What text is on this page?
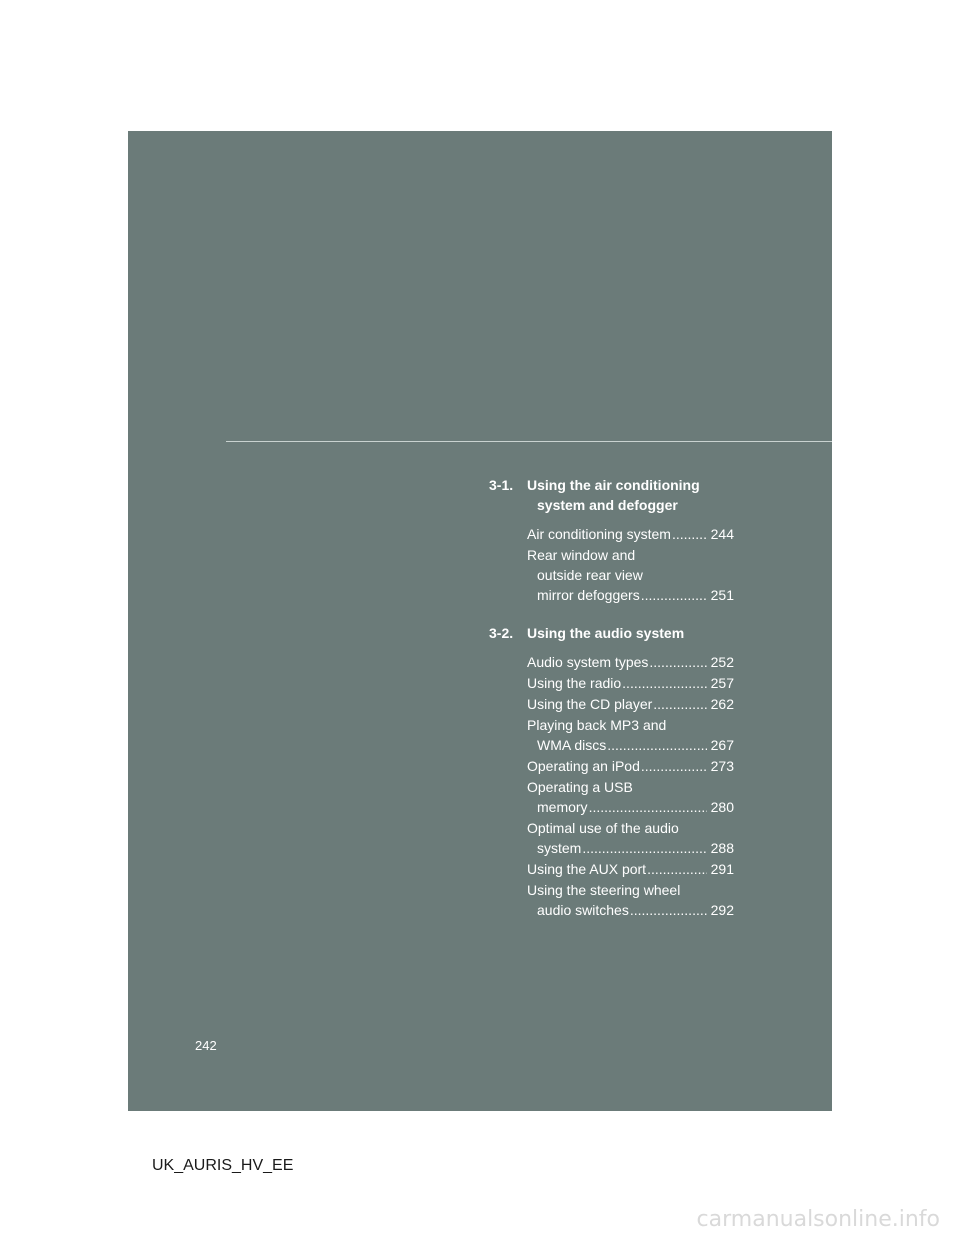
3-1. Using the air conditioning
system and defogger
Air conditioning system .....	244
Rear window and
outside rear view
mirror defoggers .....	251
3-2. Using the audio system
Audio system types .....	252
Using the radio .....	257
Using the CD player .....	262
Playing back MP3 and
WMA discs .....	267
Operating an iPod .....	273
Operating a USB
memory .....	280
Optimal use of the audio
system .....	288
Using the AUX port .....	291
Using the steering wheel
audio switches .....	292
242
UK_AURIS_HV_EE
carmanualsonline.info
